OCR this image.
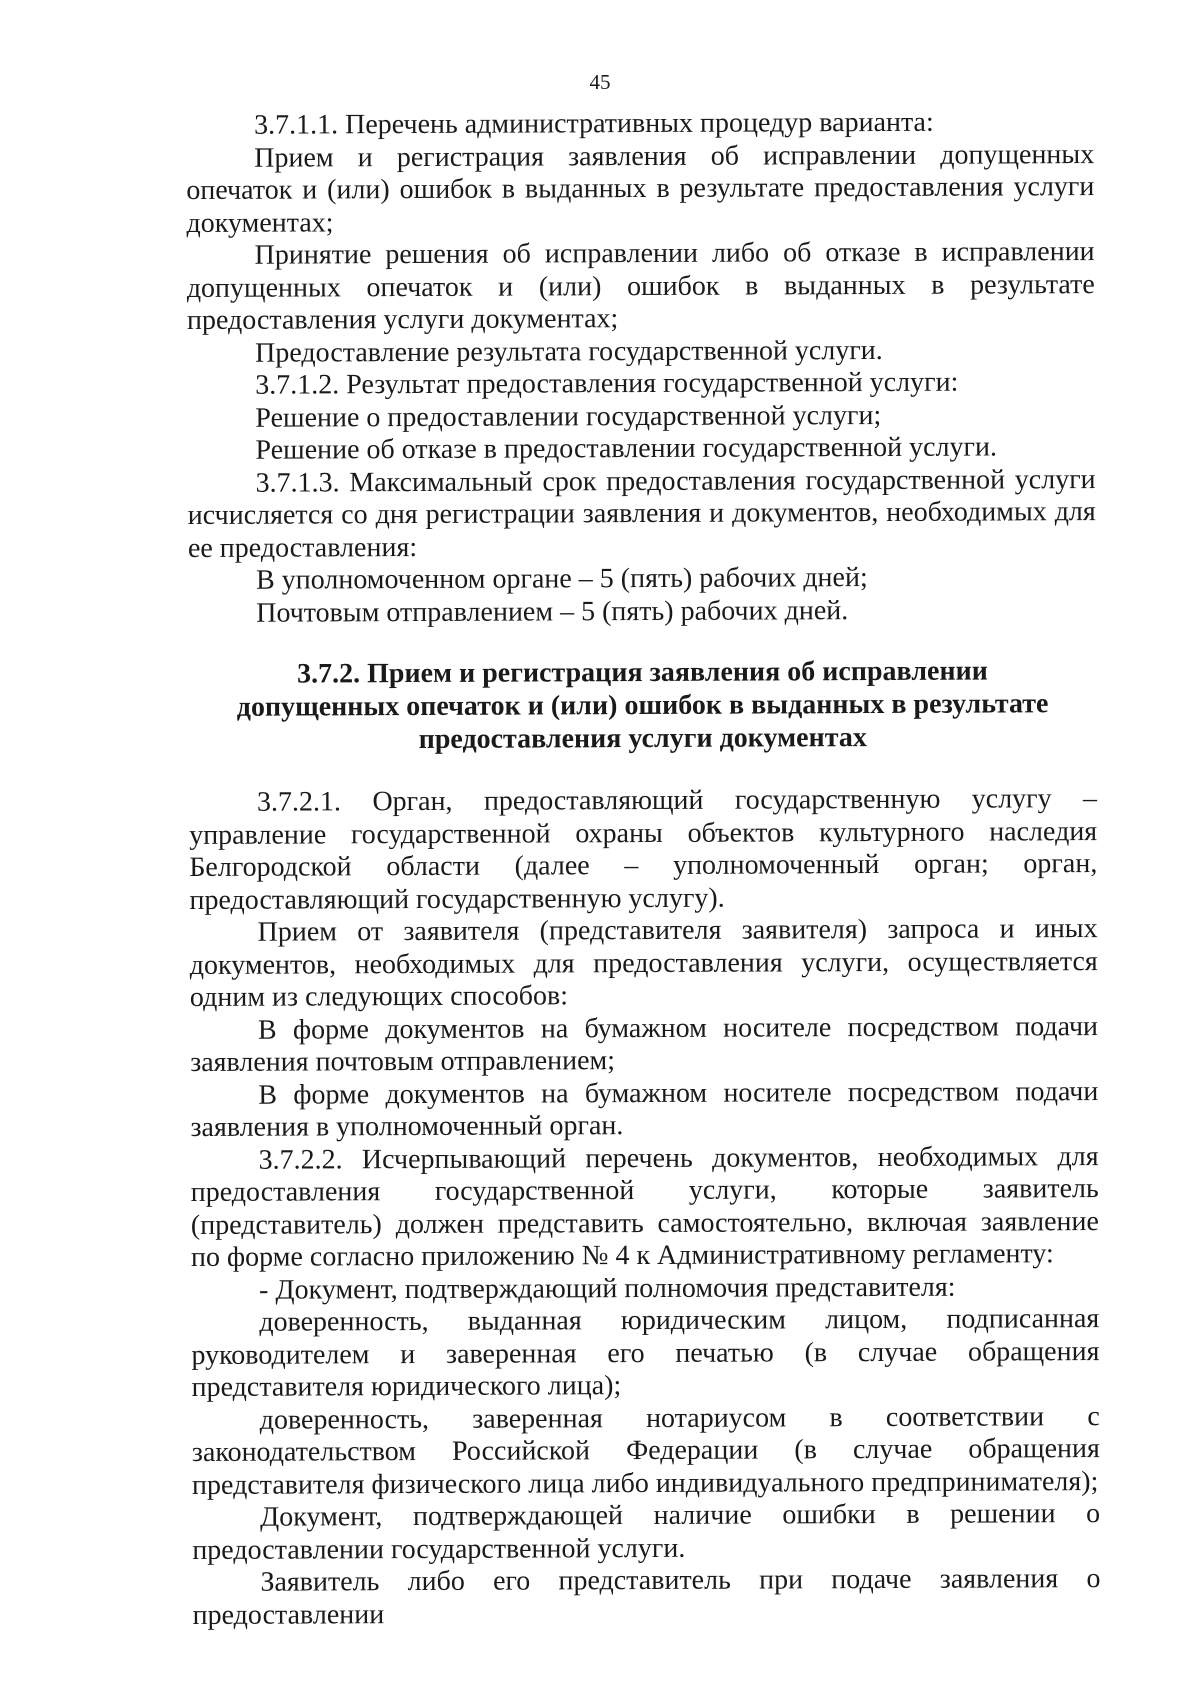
45

3.7.1.1. Перечень административных процедур варианта:

Прием и регистрация заявления об исправлении допущенных опечаток и (или) ошибок в выданных в результате предоставления услуги документах;

Принятие решения об исправлении либо об отказе в исправлении допущенных опечаток и (или) ошибок в выданных в результате предоставления услуги документах;

Предоставление результата государственной услуги.

3.7.1.2. Результат предоставления государственной услуги:

Решение о предоставлении государственной услуги;

Решение об отказе в предоставлении государственной услуги.

3.7.1.3. Максимальный срок предоставления государственной услуги исчисляется со дня регистрации заявления и документов, необходимых для ее предоставления:

В уполномоченном органе – 5 (пять) рабочих дней;

Почтовым отправлением – 5 (пять) рабочих дней.

3.7.2. Прием и регистрация заявления об исправлении
допущенных опечаток и (или) ошибок в выданных в результате
предоставления услуги документах

3.7.2.1. Орган, предоставляющий государственную услугу – управление государственной охраны объектов культурного наследия Белгородской области (далее – уполномоченный орган; орган, предоставляющий государственную услугу).

Прием от заявителя (представителя заявителя) запроса и иных документов, необходимых для предоставления услуги, осуществляется одним из следующих способов:

В форме документов на бумажном носителе посредством подачи заявления почтовым отправлением;

В форме документов на бумажном носителе посредством подачи заявления в уполномоченный орган.

3.7.2.2. Исчерпывающий перечень документов, необходимых для предоставления государственной услуги, которые заявитель (представитель) должен представить самостоятельно, включая заявление по форме согласно приложению № 4 к Административному регламенту:

- Документ, подтверждающий полномочия представителя:

доверенность, выданная юридическим лицом, подписанная руководителем и заверенная его печатью (в случае обращения представителя юридического лица);

доверенность, заверенная нотариусом в соответствии с законодательством Российской Федерации (в случае обращения представителя физического лица либо индивидуального предпринимателя);

Документ, подтверждающей наличие ошибки в решении о предоставлении государственной услуги.

Заявитель либо его представитель при подаче заявления о предоставлении
